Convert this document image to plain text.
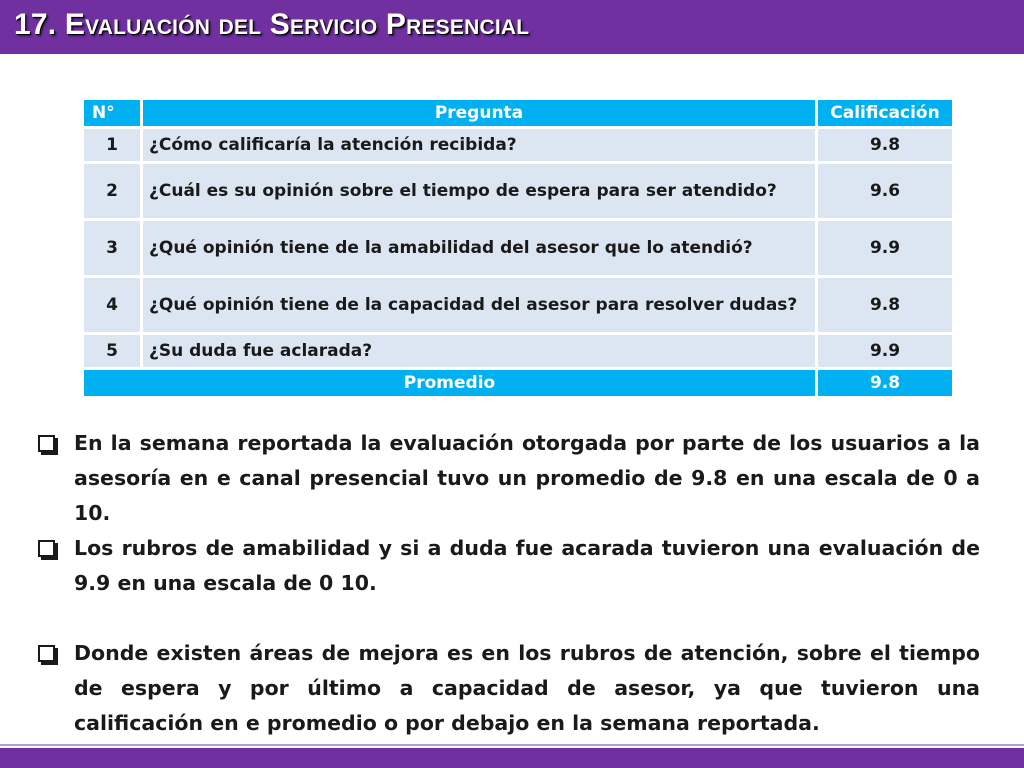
17. Evaluación del Servicio Presencial
N°	Pregunta	Calificación
1	¿Cómo calificaría la atención recibida?	9.8
2	¿Cuál es su opinión sobre el tiempo de espera para ser atendido?	9.6
3	¿Qué opinión tiene de la amabilidad del asesor que lo atendió?	9.9
4	¿Qué opinión tiene de la capacidad del asesor para resolver dudas?	9.8
5	¿Su duda fue aclarada?	9.9
Promedio		9.8
En la semana reportada la evaluación otorgada por parte de los usuarios a la asesoría en e canal presencial tuvo un promedio de 9.8 en una escala de 0 a 10.
Los rubros de amabilidad y si a duda fue acarada tuvieron una evaluación de 9.9 en una escala de 0 10.
Donde existen áreas de mejora es en los rubros de atención, sobre el tiempo de espera y por último a capacidad de asesor, ya que tuvieron una calificación en e promedio o por debajo en la semana reportada.
